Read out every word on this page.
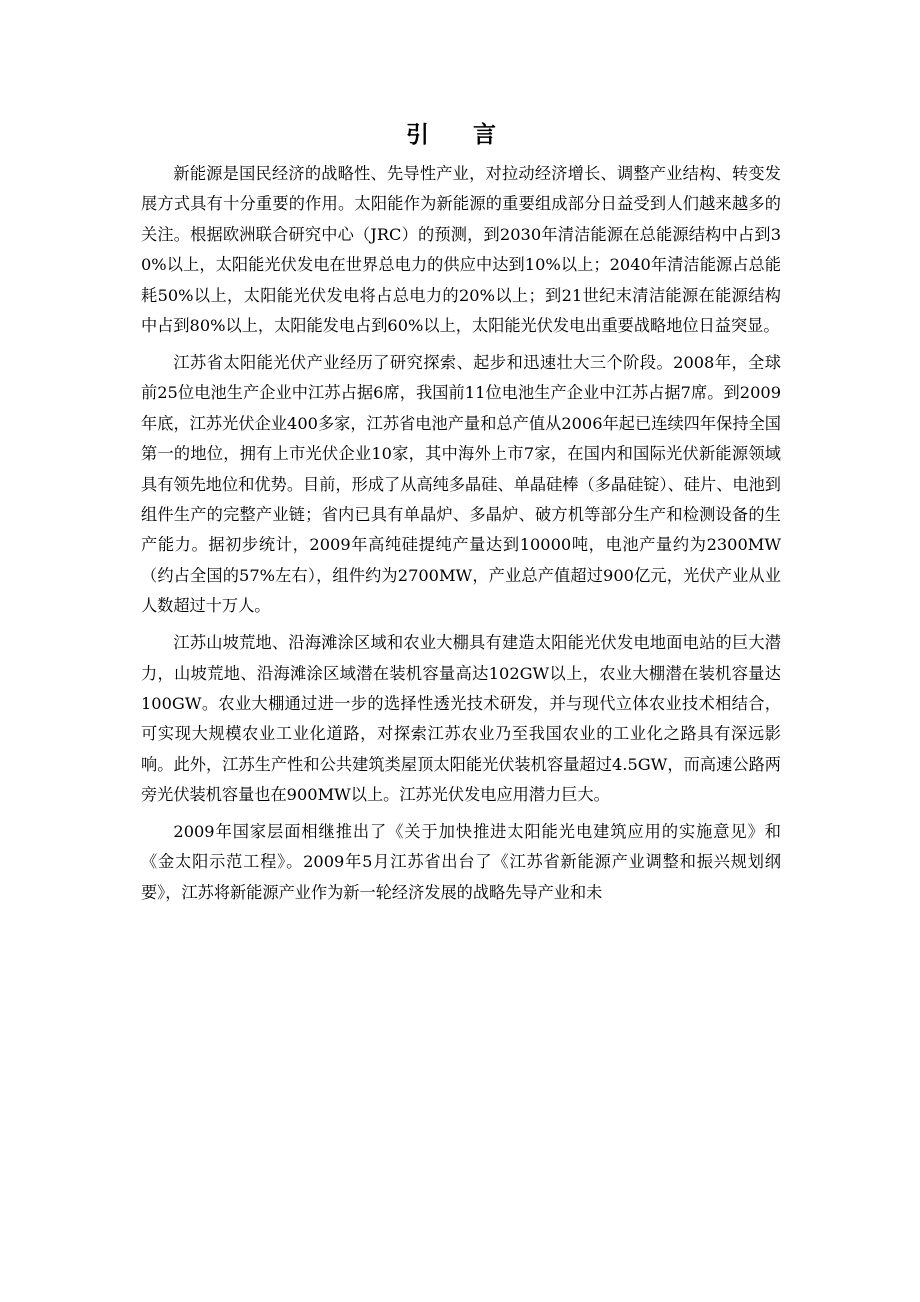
引 言

新能源是国民经济的战略性、先导性产业，对拉动经济增长、调整产业结构、转变发展方式具有十分重要的作用。太阳能作为新能源的重要组成部分日益受到人们越来越多的关注。根据欧洲联合研究中心（JRC）的预测，到2030年清洁能源在总能源结构中占到3 0%以上，太阳能光伏发电在世界总电力的供应中达到10%以上；2040年清洁能源占总能耗50%以上，太阳能光伏发电将占总电力的20%以上；到21世纪末清洁能源在能源结构中占到80%以上，太阳能发电占到60%以上，太阳能光伏发电出重要战略地位日益突显。

江苏省太阳能光伏产业经历了研究探索、起步和迅速壮大三个阶段。2008年，全球前25位电池生产企业中江苏占据6席，我国前11位电池生产企业中江苏占据7席。到2009年底，江苏光伏企业400多家，江苏省电池产量和总产值从2006年起已连续四年保持全国第一的地位，拥有上市光伏企业10家，其中海外上市7家，在国内和国际光伏新能源领域具有领先地位和优势。目前，形成了从高纯多晶硅、单晶硅棒（多晶硅锭）、硅片、电池到组件生产的完整产业链；省内已具有单晶炉、多晶炉、破方机等部分生产和检测设备的生产能力。据初步统计，2009年高纯硅提纯产量达到10000吨，电池产量约为2300MW（约占全国的57%左右），组件约为2700MW，产业总产值超过900亿元，光伏产业从业人数超过十万人。

江苏山坡荒地、沿海滩涂区域和农业大棚具有建造太阳能光伏发电地面电站的巨大潜力，山坡荒地、沿海滩涂区域潜在装机容量高达102GW以上，农业大棚潜在装机容量达100GW。农业大棚通过进一步的选择性透光技术研发，并与现代立体农业技术相结合，可实现大规模农业工业化道路，对探索江苏农业乃至我国农业的工业化之路具有深远影响。此外，江苏生产性和公共建筑类屋顶太阳能光伏装机容量超过4.5GW，而高速公路两旁光伏装机容量也在900MW以上。江苏光伏发电应用潜力巨大。

2009年国家层面相继推出了《关于加快推进太阳能光电建筑应用的实施意见》和《金太阳示范工程》。2009年5月江苏省出台了《江苏省新能源产业调整和振兴规划纲要》，江苏将新能源产业作为新一轮经济发展的战略先导产业和未
